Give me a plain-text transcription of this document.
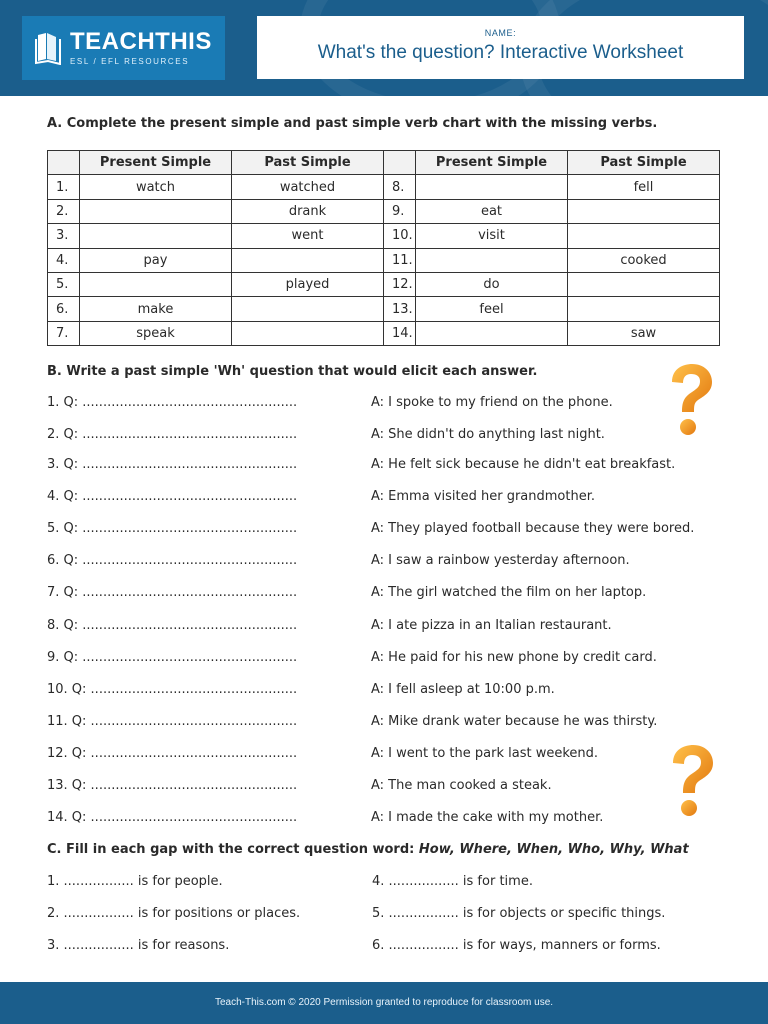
TEACHTHIS
ESL / EFL RESOURCES
NAME:
What's the question? Interactive Worksheet
A. Complete the present simple and past simple verb chart with the missing verbs.
	Present Simple	Past Simple		Present Simple	Past Simple
1.	watch	watched	8.		fell
2.		drank	9.	eat	
3.		went	10.	visit	
4.	pay		11.		cooked
5.		played	12.	do	
6.	make		13.	feel	
7.	speak		14.		saw
B. Write a past simple 'Wh' question that would elicit each answer.
1. Q: ....................................................	A: I spoke to my friend on the phone.
2. Q: ....................................................	A: She didn't do anything last night.
3. Q: ....................................................	A: He felt sick because he didn't eat breakfast.
4. Q: ....................................................	A: Emma visited her grandmother.
5. Q: ....................................................	A: They played football because they were bored.
6. Q: ....................................................	A: I saw a rainbow yesterday afternoon.
7. Q: ....................................................	A: The girl watched the film on her laptop.
8. Q: ....................................................	A: I ate pizza in an Italian restaurant.
9. Q: ....................................................	A: He paid for his new phone by credit card.
10. Q: ..................................................	A: I fell asleep at 10:00 p.m.
11. Q: ..................................................	A: Mike drank water because he was thirsty.
12. Q: ..................................................	A: I went to the park last weekend.
13. Q: ..................................................	A: The man cooked a steak.
14. Q: ..................................................	A: I made the cake with my mother.
C. Fill in each gap with the correct question word: How, Where, When, Who, Why, What
1. ................. is for people.
2. ................. is for positions or places.
3. ................. is for reasons.
4. ................. is for time.
5. ................. is for objects or specific things.
6. ................. is for ways, manners or forms.
Teach-This.com © 2020 Permission granted to reproduce for classroom use.
